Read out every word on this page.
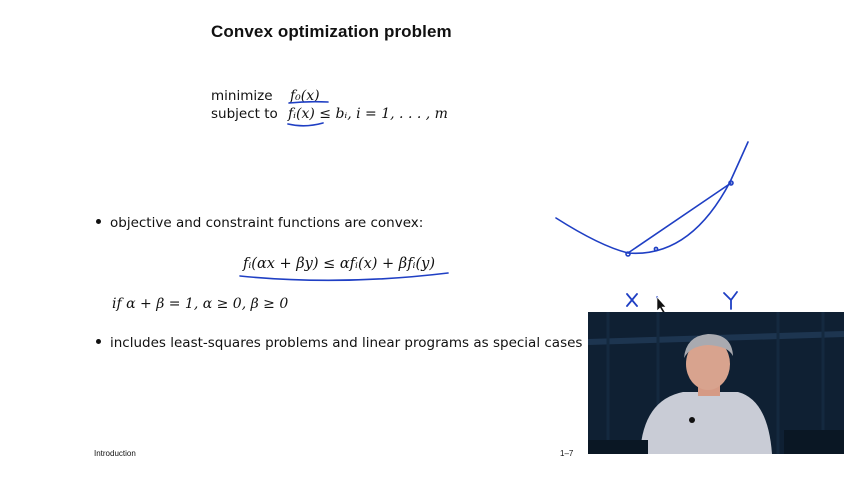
Convex optimization problem
minimize f₀(x)
subject to fᵢ(x) ≤ bᵢ, i = 1, . . . , m
objective and constraint functions are convex:
fᵢ(αx + βy) ≤ αfᵢ(x) + βfᵢ(y)
if α + β = 1, α ≥ 0, β ≥ 0
includes least-squares problems and linear programs as special cases
Introduction	1–7
